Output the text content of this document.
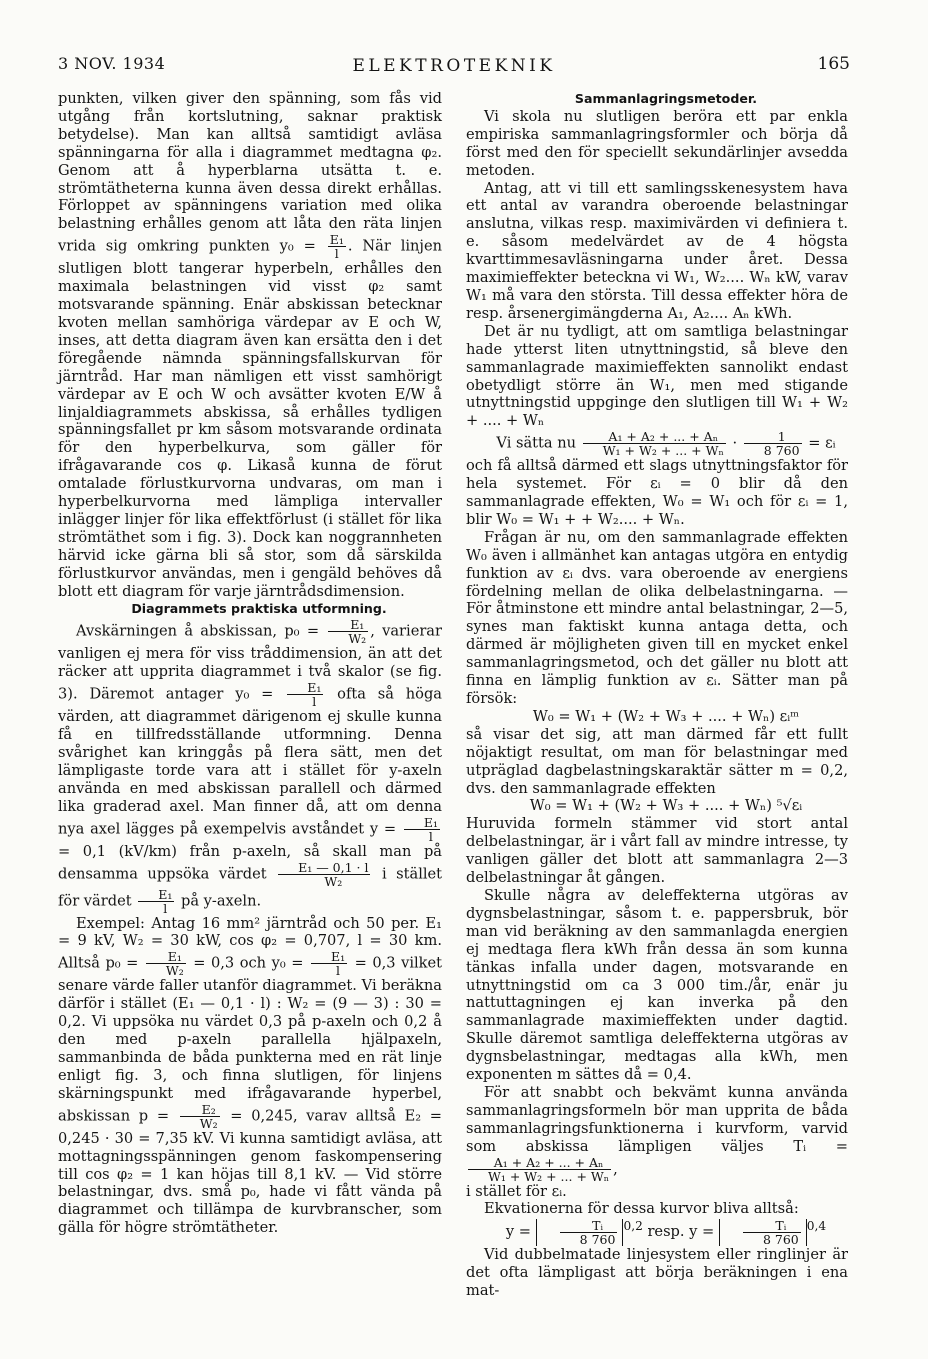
3 NOV. 1934	ELEKTROTEKNIK	165

punkten, vilken giver den spänning, som fås vid utgång från kortslutning, saknar praktisk betydelse). Man kan alltså samtidigt avläsa spänningarna för alla i diagrammet medtagna φ₂. Genom att å hyperblarna utsätta t. e. strömtätheterna kunna även dessa direkt erhållas. Förloppet av spänningens variation med olika belastning erhålles genom att låta den räta linjen vrida sig omkring punkten $y_0 = \frac{\text{E₁}}{l}$ . När linjen slutligen blott tangerar hyperbeln, erhålles den maximala belastningen vid visst φ₂ samt motsvarande spänning. Enär abskissan betecknar kvoten mellan samhöriga värdepar av E och W, inses, att detta diagram även kan ersätta den i det föregående nämnda spänningsfallskurvan för järntråd. Har man nämligen ett visst samhörigt värdepar av E och W och avsätter kvoten E/W å linjaldiagrammets abskissa, så erhålles tydligen spänningsfallet pr km såsom motsvarande ordinata för den hyperbelkurva, som gäller för ifrågavarande cos φ. Likaså kunna de förut omtalade förlustkurvorna undvaras, om man i hyperbelkurvorna med lämpliga intervaller inlägger linjer för lika effektförlust (i stället för lika strömtäthet som i fig. 3). Dock kan noggrannheten härvid icke gärna bli så stor, som då särskilda förlustkurvor användas, men i gengäld behöves då blott ett diagram för varje järntrådsdimension.

Diagrammets praktiska utformning.

Avskärningen å abskissan, $p_0 = \frac{\text{E₁}}{\text{W₂}}$ , varierar vanligen ej mera för viss tråddimension, än att det räcker att upprita diagrammet i två skalor (se fig. 3). Däremot antager $y_0 = \frac{\text{E₁}}{l}$ ofta så höga värden, att diagrammet därigenom ej skulle kunna få en tillfredsställande utformning. Denna svårighet kan kringgås på flera sätt, men det lämpligaste torde vara att i stället för y-axeln använda en med abskissan parallell och därmed lika graderad axel. Man finner då, att om denna nya axel lägges på exempelvis avståndet $y = \frac{\text{E₁}}{l}$
= 0,1 (kV/km) från p-axeln, så skall man på densamma uppsöka värdet $\frac{\text{E₁ — 0,1 · l}}{\text{W₂}}$ i stället för värdet $\frac{\text{E₁}}{l}$ på y-axeln.

Exempel: Antag 16 mm² järntråd och 50 per. E₁ = 9 kV, W₂ = 30 kW, cos φ₂ = 0,707, l = 30 km. Alltså $p_0 = \frac{\text{E₁}}{\text{W₂}} = 0,3$ och $y_0 = \frac{\text{E₁}}{l} = 0,3$ vilket senare värde faller utanför diagrammet. Vi beräkna därför i stället (E₁ — 0,1 · l) : W₂ = (9 — 3) : 30 = 0,2. Vi uppsöka nu värdet 0,3 på p-axeln och 0,2 å den med p-axeln parallella hjälpaxeln, sammanbinda de båda punkterna med en rät linje enligt fig. 3, och finna slutligen, för linjens skärningspunkt med ifrågavarande hyperbel, abskissan $p = \frac{\text{E₂}}{\text{W₂}} = 0,245$, varav alltså E₂ = 0,245 · 30 = 7,35 kV. Vi kunna samtidigt avläsa, att mottagningsspänningen genom faskompensering till cos φ₂ = 1 kan höjas till 8,1 kV. — Vid större belastningar, dvs. små p₀, hade vi fått vända på diagrammet och tillämpa de kurvbranscher, som gälla för högre strömtätheter.

Sammanlagringsmetoder.

Vi skola nu slutligen beröra ett par enkla empiriska sammanlagringsformler och börja då först med den för speciellt sekundärlinjer avsedda metoden.

Antag, att vi till ett samlingsskenesystem hava ett antal av varandra oberoende belastningar anslutna, vilkas resp. maximivärden vi definiera t. e. såsom medelvärdet av de 4 högsta kvarttimmesavläsningarna under året. Dessa maximieffekter beteckna vi W₁, W₂.... Wₙ kW, varav W₁ må vara den största. Till dessa effekter höra de resp. årsenergimängderna A₁, A₂.... Aₙ kWh.

Det är nu tydligt, att om samtliga belastningar hade ytterst liten utnyttningstid, så bleve den sammanlagrade maximieffekten sannolikt endast obetydligt större än W₁, men med stigande utnyttningstid uppginge den slutligen till W₁ + W₂ + .... + Wₙ

Vi sätta nu $\frac{\text{A₁ + A₂ + ... + Aₙ}}{\text{W₁ + W₂ + ... + Wₙ}} \cdot \frac{1}{8 760}$ = εᵢ

och få alltså därmed ett slags utnyttningsfaktor för hela systemet. För εᵢ = 0 blir då den sammanlagrade effekten, W₀ = W₁ och för εᵢ = 1, blir W₀ = W₁ + + W₂.... + Wₙ.

Frågan är nu, om den sammanlagrade effekten W₀ även i allmänhet kan antagas utgöra en entydig funktion av εᵢ dvs. vara oberoende av energiens fördelning mellan de olika delbelastningarna. — För åtminstone ett mindre antal belastningar, 2—5, synes man faktiskt kunna antaga detta, och därmed är möjligheten given till en mycket enkel sammanlagringsmetod, och det gäller nu blott att finna en lämplig funktion av εᵢ. Sätter man på försök:

W₀ = W₁ + (W₂ + W₃ + .... + Wₙ) εᵢᵐ

så visar det sig, att man därmed får ett fullt nöjaktigt resultat, om man för belastningar med utpräglad dagbelastningskaraktär sätter m = 0,2, dvs. den sammanlagrade effekten

W₀ = W₁ + (W₂ + W₃ + .... + Wₙ) ⁵√εᵢ

Huruvida formeln stämmer vid stort antal delbelastningar, är i vårt fall av mindre intresse, ty vanligen gäller det blott att sammanlagra 2—3 delbelastningar åt gången.

Skulle några av deleffekterna utgöras av dygnsbelastningar, såsom t. e. pappersbruk, bör man vid beräkning av den sammanlagda energien ej medtaga flera kWh från dessa än som kunna tänkas infalla under dagen, motsvarande en utnyttningstid om ca 3 000 tim./år, enär ju nattuttagningen ej kan inverka på den sammanlagrade maximieffekten under dagtid. Skulle däremot samtliga deleffekterna utgöras av dygnsbelastningar, medtagas alla kWh, men exponenten m sättes då = 0,4.

För att snabbt och bekvämt kunna använda sammanlagringsformeln bör man upprita de båda sammanlagringsfunktionerna i kurvform, varvid som abskissa lämpligen väljes Tᵢ =
$\frac{\text{A₁ + A₂ + ... + Aₙ}}{\text{W₁ + W₂ + ... + Wₙ}}$ ,

i stället för εᵢ.

Ekvationerna för dessa kurvor bliva alltså:

$y = \frac{\text{Tᵢ}}{8 760} ^{0,2}$ resp. $y = \frac{\text{Tᵢ}}{8 760} ^{0,4}$

Vid dubbelmatade linjesystem eller ringlinjer är det ofta lämpligast att börja beräkningen i ena mat-
